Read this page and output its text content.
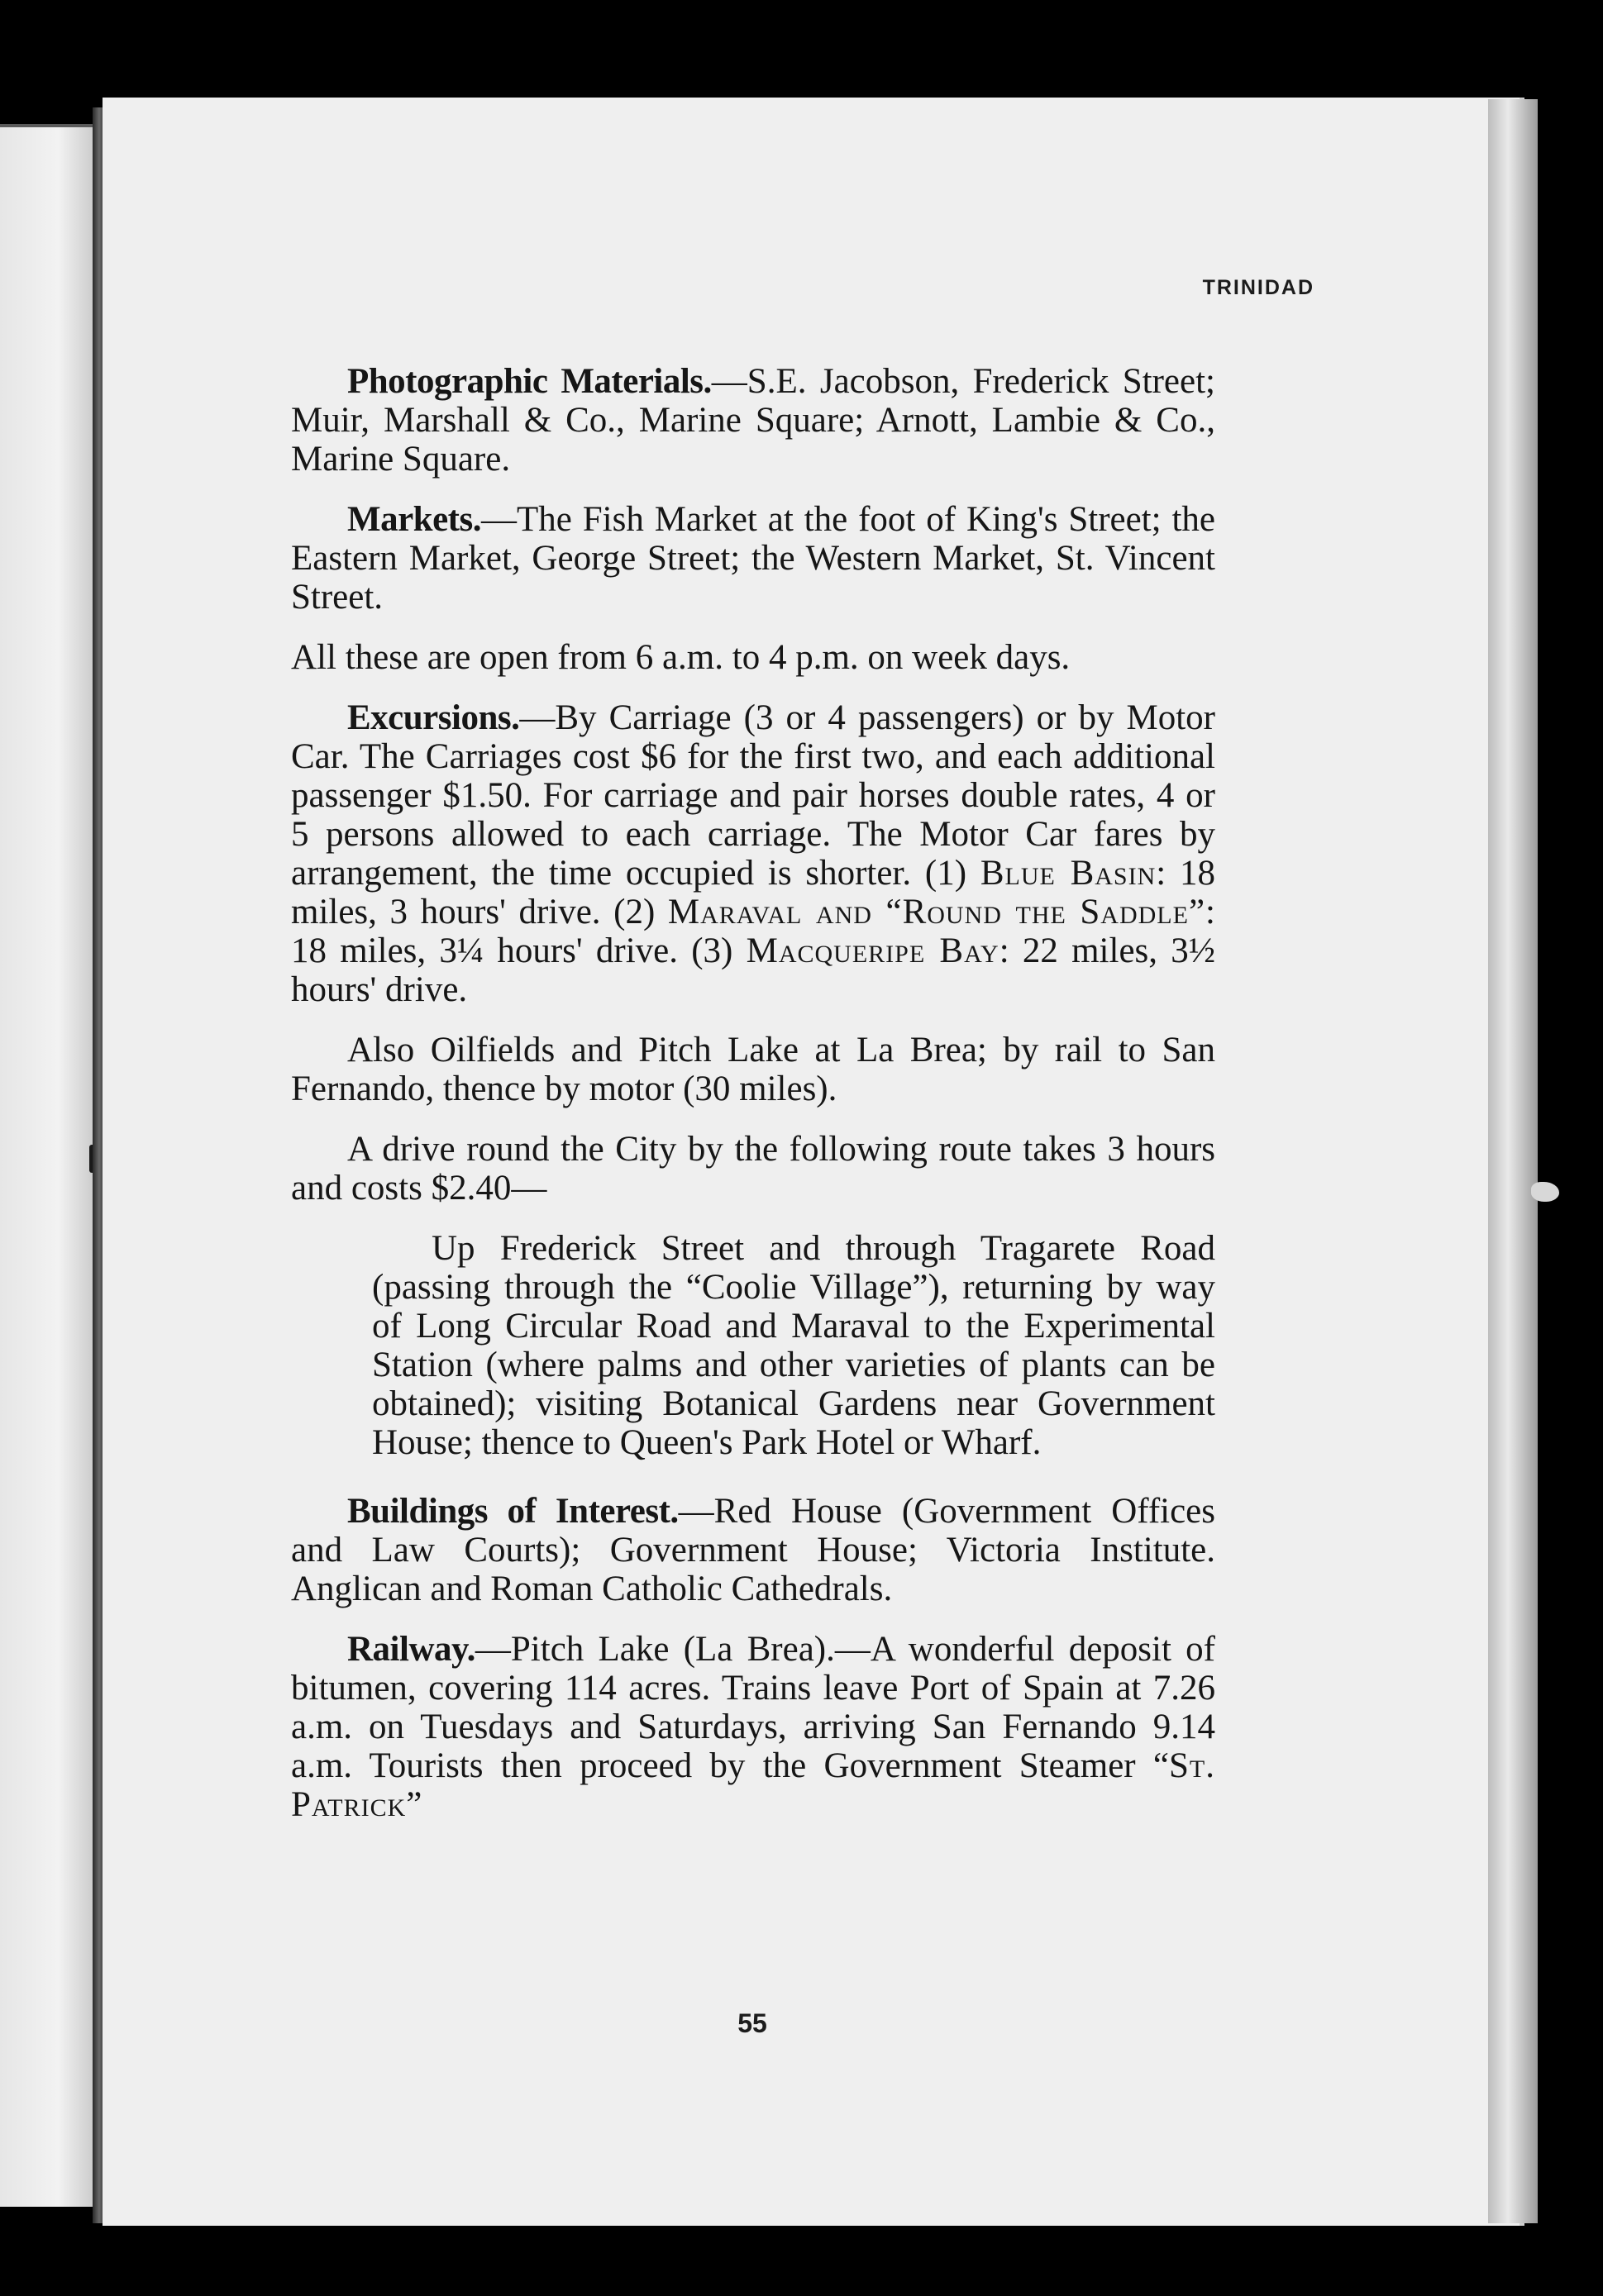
TRINIDAD

Photographic Materials.—S.E. Jacobson, Frederick Street; Muir, Marshall & Co., Marine Square; Arnott, Lambie & Co., Marine Square.

Markets.—The Fish Market at the foot of King's Street; the Eastern Market, George Street; the Western Market, St. Vincent Street.

All these are open from 6 a.m. to 4 p.m. on week days.

Excursions.—By Carriage (3 or 4 passengers) or by Motor Car. The Carriages cost $6 for the first two, and each additional passenger $1.50. For carriage and pair horses double rates, 4 or 5 persons allowed to each carriage. The Motor Car fares by arrangement, the time occupied is shorter. (1) Blue Basin: 18 miles, 3 hours' drive. (2) Maraval and “Round the Saddle”: 18 miles, 3¼ hours' drive. (3) Macqueripe Bay: 22 miles, 3½ hours' drive.

Also Oilfields and Pitch Lake at La Brea; by rail to San Fernando, thence by motor (30 miles).

A drive round the City by the following route takes 3 hours and costs $2.40—

Up Frederick Street and through Tragarete Road (passing through the “Coolie Village”), returning by way of Long Circular Road and Maraval to the Experimental Station (where palms and other varieties of plants can be obtained); visiting Botanical Gardens near Government House; thence to Queen's Park Hotel or Wharf.

Buildings of Interest.—Red House (Government Offices and Law Courts); Government House; Victoria Institute. Anglican and Roman Catholic Cathedrals.

Railway.—Pitch Lake (La Brea).—A wonderful deposit of bitumen, covering 114 acres. Trains leave Port of Spain at 7.26 a.m. on Tuesdays and Saturdays, arriving San Fernando 9.14 a.m. Tourists then proceed by the Government Steamer “St. Patrick”

55
